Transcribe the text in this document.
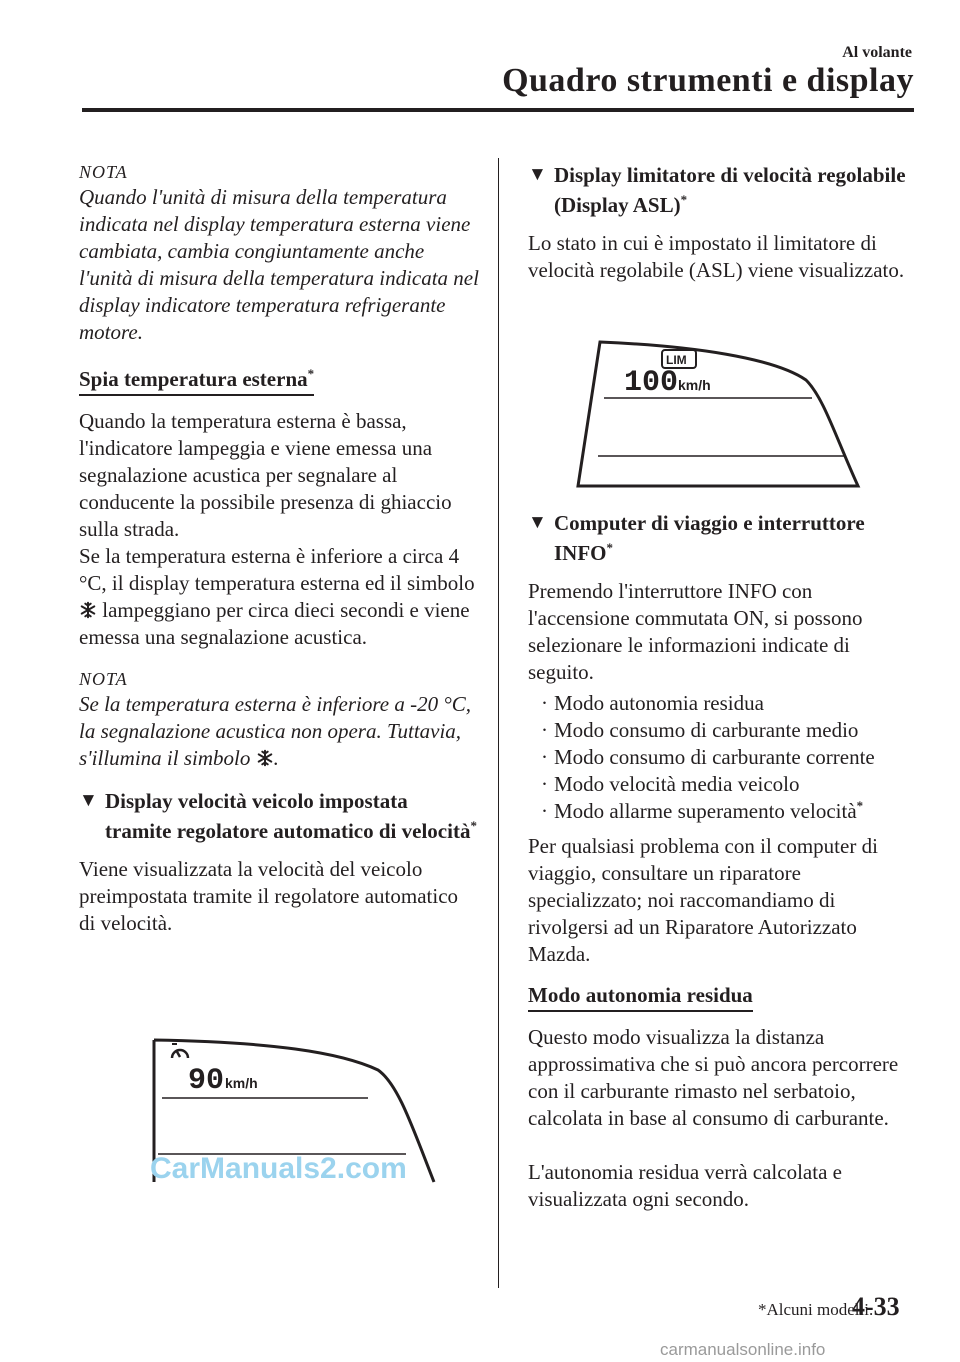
Al volante
Quadro strumenti e display

NOTA

Quando l'unità di misura della temperatura indicata nel display temperatura esterna viene cambiata, cambia congiuntamente anche l'unità di misura della temperatura indicata nel display indicatore temperatura refrigerante motore.

Spia temperatura esterna*

Quando la temperatura esterna è bassa, l'indicatore lampeggia e viene emessa una segnalazione acustica per segnalare al conducente la possibile presenza di ghiaccio sulla strada.

Se la temperatura esterna è inferiore a circa 4 °C, il display temperatura esterna ed il simbolo  lampeggiano per circa dieci secondi e viene emessa una segnalazione acustica.

NOTA

Se la temperatura esterna è inferiore a -20 °C, la segnalazione acustica non opera. Tuttavia, s'illumina il simbolo .

▼ Display velocità veicolo impostata tramite regolatore automatico di velocità*

Viene visualizzata la velocità del veicolo preimpostata tramite il regolatore automatico di velocità.

90 km/h
▼ Display limitatore di velocità regolabile (Display ASL)*

Lo stato in cui è impostato il limitatore di velocità regolabile (ASL) viene visualizzato.

▼ Computer di viaggio e interruttore INFO*

Premendo l'interruttore INFO con l'accensione commutata ON, si possono selezionare le informazioni indicate di seguito.

· Modo autonomia residua
· Modo consumo di carburante medio
· Modo consumo di carburante corrente
· Modo velocità media veicolo
· Modo allarme superamento velocità*

Per qualsiasi problema con il computer di viaggio, consultare un riparatore specializzato; noi raccomandiamo di rivolgersi ad un Riparatore Autorizzato Mazda.

Modo autonomia residua

Questo modo visualizza la distanza approssimativa che si può ancora percorrere con il carburante rimasto nel serbatoio, calcolata in base al consumo di carburante.

L'autonomia residua verrà calcolata e visualizzata ogni secondo.

LIM
100 km/h
CarManuals2.com
carmanualsonline.info
*Alcuni modelli.
4-33
